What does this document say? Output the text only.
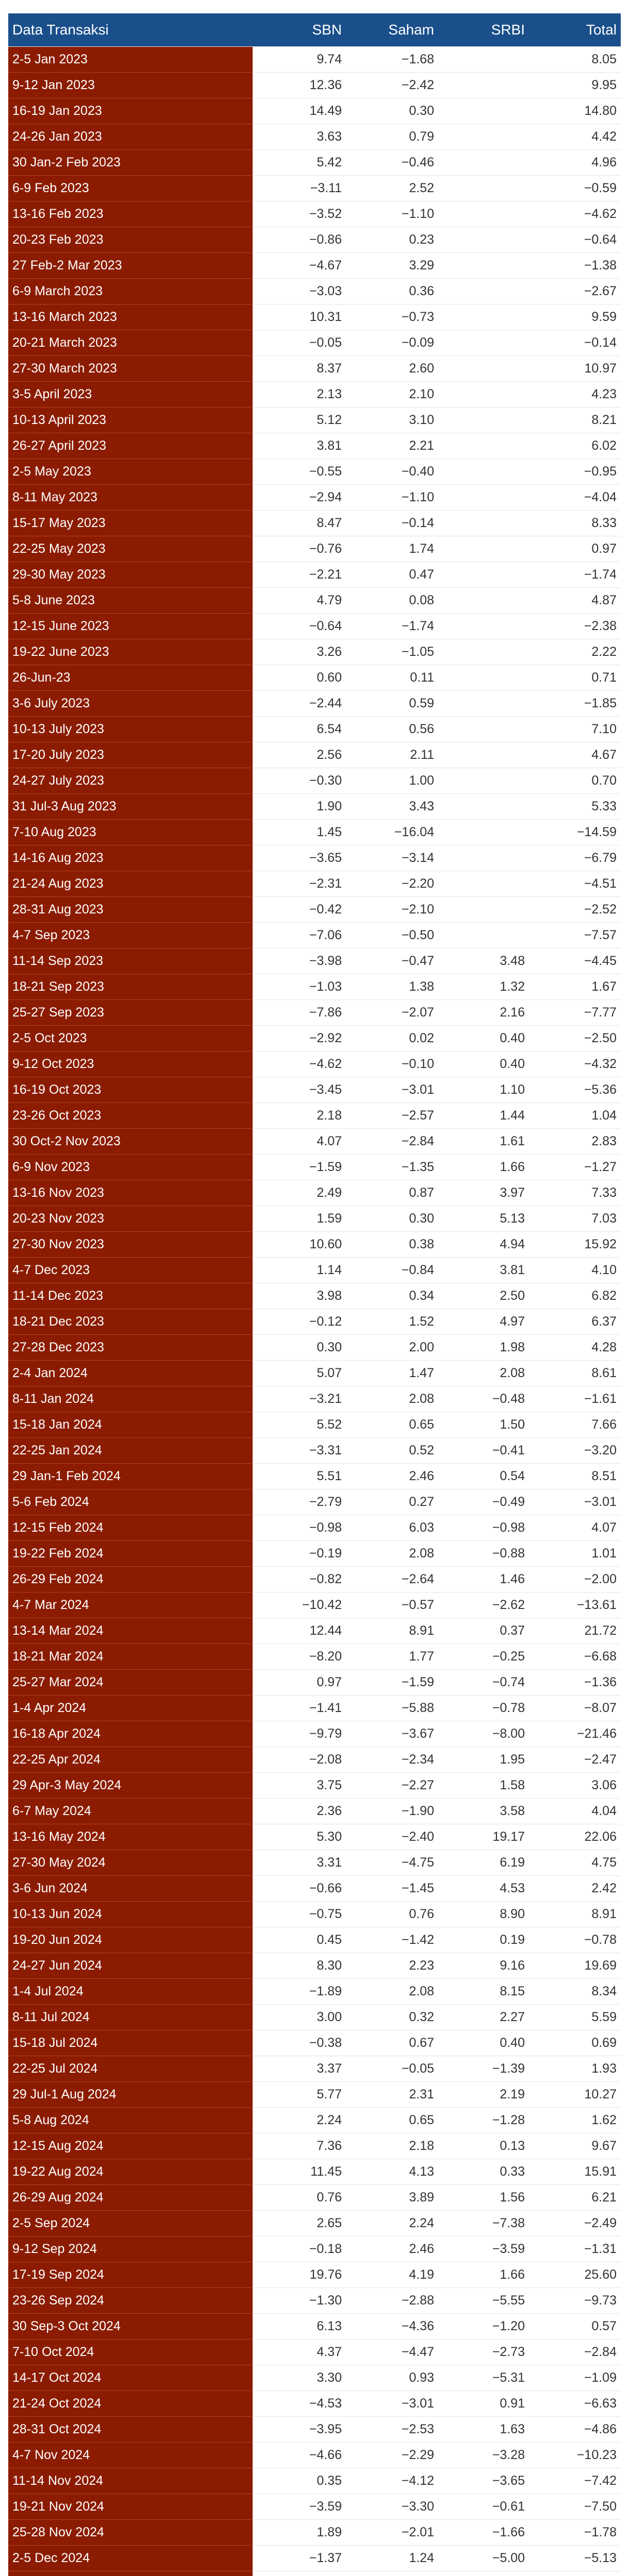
Data Transaksi	SBN	Saham	SRBI	Total
2-5 Jan 2023	9.74	−1.68		8.05
9-12 Jan 2023	12.36	−2.42		9.95
16-19 Jan 2023	14.49	0.30		14.80
24-26 Jan 2023	3.63	0.79		4.42
30 Jan-2 Feb 2023	5.42	−0.46		4.96
6-9 Feb 2023	−3.11	2.52		−0.59
13-16 Feb 2023	−3.52	−1.10		−4.62
20-23 Feb 2023	−0.86	0.23		−0.64
27 Feb-2 Mar 2023	−4.67	3.29		−1.38
6-9 March 2023	−3.03	0.36		−2.67
13-16 March 2023	10.31	−0.73		9.59
20-21 March 2023	−0.05	−0.09		−0.14
27-30 March 2023	8.37	2.60		10.97
3-5 April 2023	2.13	2.10		4.23
10-13 April 2023	5.12	3.10		8.21
26-27 April 2023	3.81	2.21		6.02
2-5 May 2023	−0.55	−0.40		−0.95
8-11 May 2023	−2.94	−1.10		−4.04
15-17 May 2023	8.47	−0.14		8.33
22-25 May 2023	−0.76	1.74		0.97
29-30 May 2023	−2.21	0.47		−1.74
5-8 June 2023	4.79	0.08		4.87
12-15 June 2023	−0.64	−1.74		−2.38
19-22 June 2023	3.26	−1.05		2.22
26-Jun-23	0.60	0.11		0.71
3-6 July 2023	−2.44	0.59		−1.85
10-13 July 2023	6.54	0.56		7.10
17-20 July 2023	2.56	2.11		4.67
24-27 July 2023	−0.30	1.00		0.70
31 Jul-3 Aug 2023	1.90	3.43		5.33
7-10 Aug 2023	1.45	−16.04		−14.59
14-16 Aug 2023	−3.65	−3.14		−6.79
21-24 Aug 2023	−2.31	−2.20		−4.51
28-31 Aug 2023	−0.42	−2.10		−2.52
4-7 Sep 2023	−7.06	−0.50		−7.57
11-14 Sep 2023	−3.98	−0.47	3.48	−4.45
18-21 Sep 2023	−1.03	1.38	1.32	1.67
25-27 Sep 2023	−7.86	−2.07	2.16	−7.77
2-5 Oct 2023	−2.92	0.02	0.40	−2.50
9-12 Oct 2023	−4.62	−0.10	0.40	−4.32
16-19 Oct 2023	−3.45	−3.01	1.10	−5.36
23-26 Oct 2023	2.18	−2.57	1.44	1.04
30 Oct-2 Nov 2023	4.07	−2.84	1.61	2.83
6-9 Nov 2023	−1.59	−1.35	1.66	−1.27
13-16 Nov 2023	2.49	0.87	3.97	7.33
20-23 Nov 2023	1.59	0.30	5.13	7.03
27-30 Nov 2023	10.60	0.38	4.94	15.92
4-7 Dec 2023	1.14	−0.84	3.81	4.10
11-14 Dec 2023	3.98	0.34	2.50	6.82
18-21 Dec 2023	−0.12	1.52	4.97	6.37
27-28 Dec 2023	0.30	2.00	1.98	4.28
2-4 Jan 2024	5.07	1.47	2.08	8.61
8-11 Jan 2024	−3.21	2.08	−0.48	−1.61
15-18 Jan 2024	5.52	0.65	1.50	7.66
22-25 Jan 2024	−3.31	0.52	−0.41	−3.20
29 Jan-1 Feb 2024	5.51	2.46	0.54	8.51
5-6 Feb 2024	−2.79	0.27	−0.49	−3.01
12-15 Feb 2024	−0.98	6.03	−0.98	4.07
19-22 Feb 2024	−0.19	2.08	−0.88	1.01
26-29 Feb 2024	−0.82	−2.64	1.46	−2.00
4-7 Mar 2024	−10.42	−0.57	−2.62	−13.61
13-14 Mar 2024	12.44	8.91	0.37	21.72
18-21 Mar 2024	−8.20	1.77	−0.25	−6.68
25-27 Mar 2024	0.97	−1.59	−0.74	−1.36
1-4 Apr 2024	−1.41	−5.88	−0.78	−8.07
16-18 Apr 2024	−9.79	−3.67	−8.00	−21.46
22-25 Apr 2024	−2.08	−2.34	1.95	−2.47
29 Apr-3 May 2024	3.75	−2.27	1.58	3.06
6-7 May 2024	2.36	−1.90	3.58	4.04
13-16 May 2024	5.30	−2.40	19.17	22.06
27-30 May 2024	3.31	−4.75	6.19	4.75
3-6 Jun 2024	−0.66	−1.45	4.53	2.42
10-13 Jun 2024	−0.75	0.76	8.90	8.91
19-20 Jun 2024	0.45	−1.42	0.19	−0.78
24-27 Jun 2024	8.30	2.23	9.16	19.69
1-4 Jul 2024	−1.89	2.08	8.15	8.34
8-11 Jul 2024	3.00	0.32	2.27	5.59
15-18 Jul 2024	−0.38	0.67	0.40	0.69
22-25 Jul 2024	3.37	−0.05	−1.39	1.93
29 Jul-1 Aug 2024	5.77	2.31	2.19	10.27
5-8 Aug 2024	2.24	0.65	−1.28	1.62
12-15 Aug 2024	7.36	2.18	0.13	9.67
19-22 Aug 2024	11.45	4.13	0.33	15.91
26-29 Aug 2024	0.76	3.89	1.56	6.21
2-5 Sep 2024	2.65	2.24	−7.38	−2.49
9-12 Sep 2024	−0.18	2.46	−3.59	−1.31
17-19 Sep 2024	19.76	4.19	1.66	25.60
23-26 Sep 2024	−1.30	−2.88	−5.55	−9.73
30 Sep-3 Oct 2024	6.13	−4.36	−1.20	0.57
7-10 Oct 2024	4.37	−4.47	−2.73	−2.84
14-17 Oct 2024	3.30	0.93	−5.31	−1.09
21-24 Oct 2024	−4.53	−3.01	0.91	−6.63
28-31 Oct 2024	−3.95	−2.53	1.63	−4.86
4-7 Nov 2024	−4.66	−2.29	−3.28	−10.23
11-14 Nov 2024	0.35	−4.12	−3.65	−7.42
19-21 Nov 2024	−3.59	−3.30	−0.61	−7.50
25-28 Nov 2024	1.89	−2.01	−1.66	−1.78
2-5 Dec 2024	−1.37	1.24	−5.00	−5.13
